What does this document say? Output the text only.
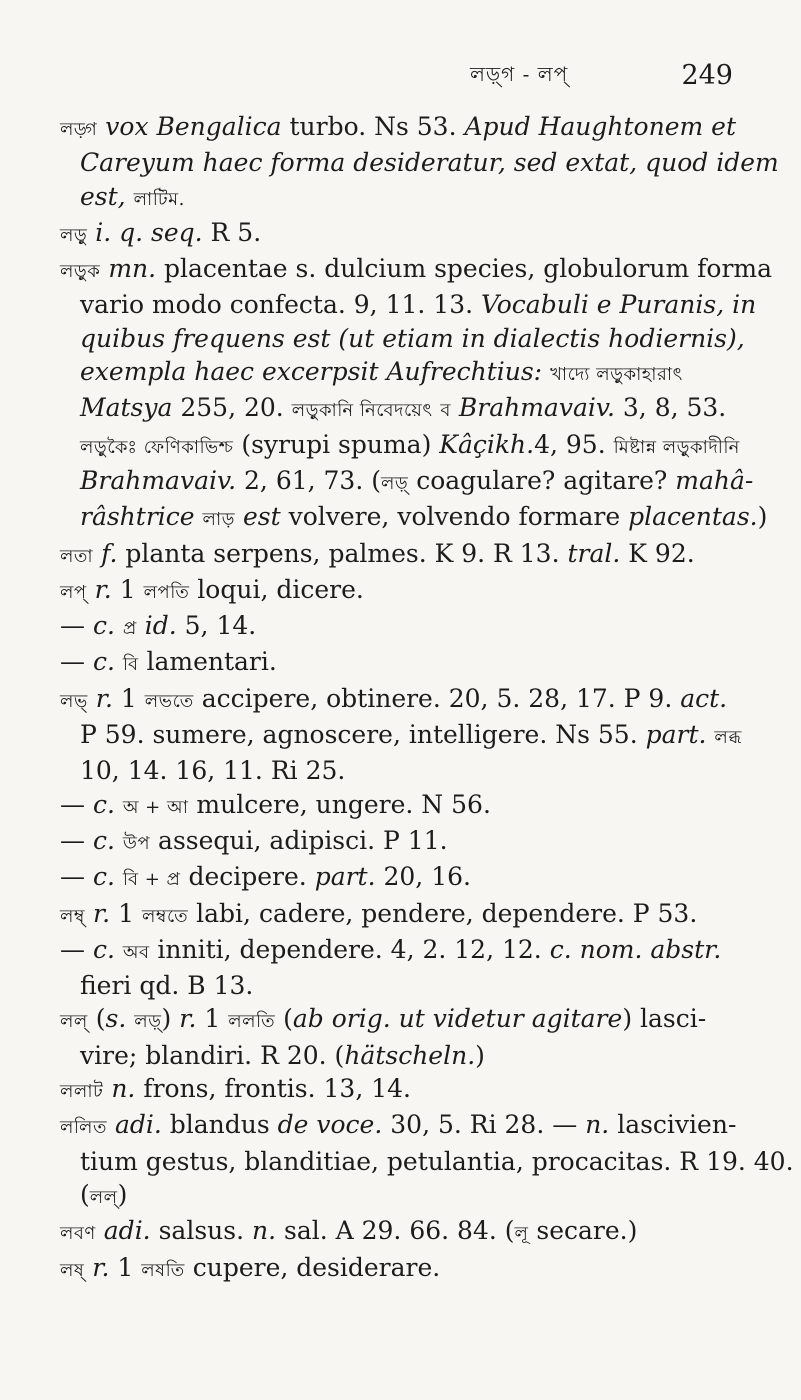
লড়্‌গ - লপ্‌	249
লড়্গ vox Bengalica turbo. Ns 53. Apud Haughtonem et
Careyum haec forma desideratur, sed extat, quod idem
est, লাটিম.
লড়ু i. q. seq. R 5.
লড়ুক mn. placentae s. dulcium species, globulorum forma
vario modo confecta. 9, 11. 13. Vocabuli e Puranis, in
quibus frequens est (ut etiam in dialectis hodiernis),
exempla haec excerpsit Aufrechtius: খাদ্যে লড়ুকাহারাৎ
Matsya 255, 20. লড়ুকানি নিবেদয়েৎ ব Brahmavaiv. 3, 8, 53.
লড়ুকৈঃ ফেণিকাভিশ্চ (syrupi spuma) Kâçikh.4, 95. মিষ্টান্ন লড়ুকাদীনি
Brahmavaiv. 2, 61, 73. (লড়্ coagulare? agitare? mahâ-
râshtrice লাড় est volvere, volvendo formare placentas.)
লতা f. planta serpens, palmes. K 9. R 13. tral. K 92.
লপ্ r. 1 লপতি loqui, dicere.
— c. প্র id. 5, 14.
— c. বি lamentari.
লভ্ r. 1 লভতে accipere, obtinere. 20, 5. 28, 17. P 9. act.
P 59. sumere, agnoscere, intelligere. Ns 55. part. লব্ধ
10, 14. 16, 11. Ri 25.
— c. অ + আ mulcere, ungere. N 56.
— c. উপ assequi, adipisci. P 11.
— c. বি + প্র decipere. part. 20, 16.
লম্ব্ r. 1 লম্বতে labi, cadere, pendere, dependere. P 53.
— c. অব inniti, dependere. 4, 2. 12, 12. c. nom. abstr.
fieri qd. B 13.
লল্ (s. লড়্) r. 1 ললতি (ab orig. ut videtur agitare) lasci-
vire; blandiri. R 20. (hätscheln.)
ললাট n. frons, frontis. 13, 14.
ললিত adi. blandus de voce. 30, 5. Ri 28. — n. lascivien-
tium gestus, blanditiae, petulantia, procacitas. R 19. 40.
(লল্)
লবণ adi. salsus. n. sal. A 29. 66. 84. (লূ secare.)
লষ্ r. 1 লষতি cupere, desiderare.
